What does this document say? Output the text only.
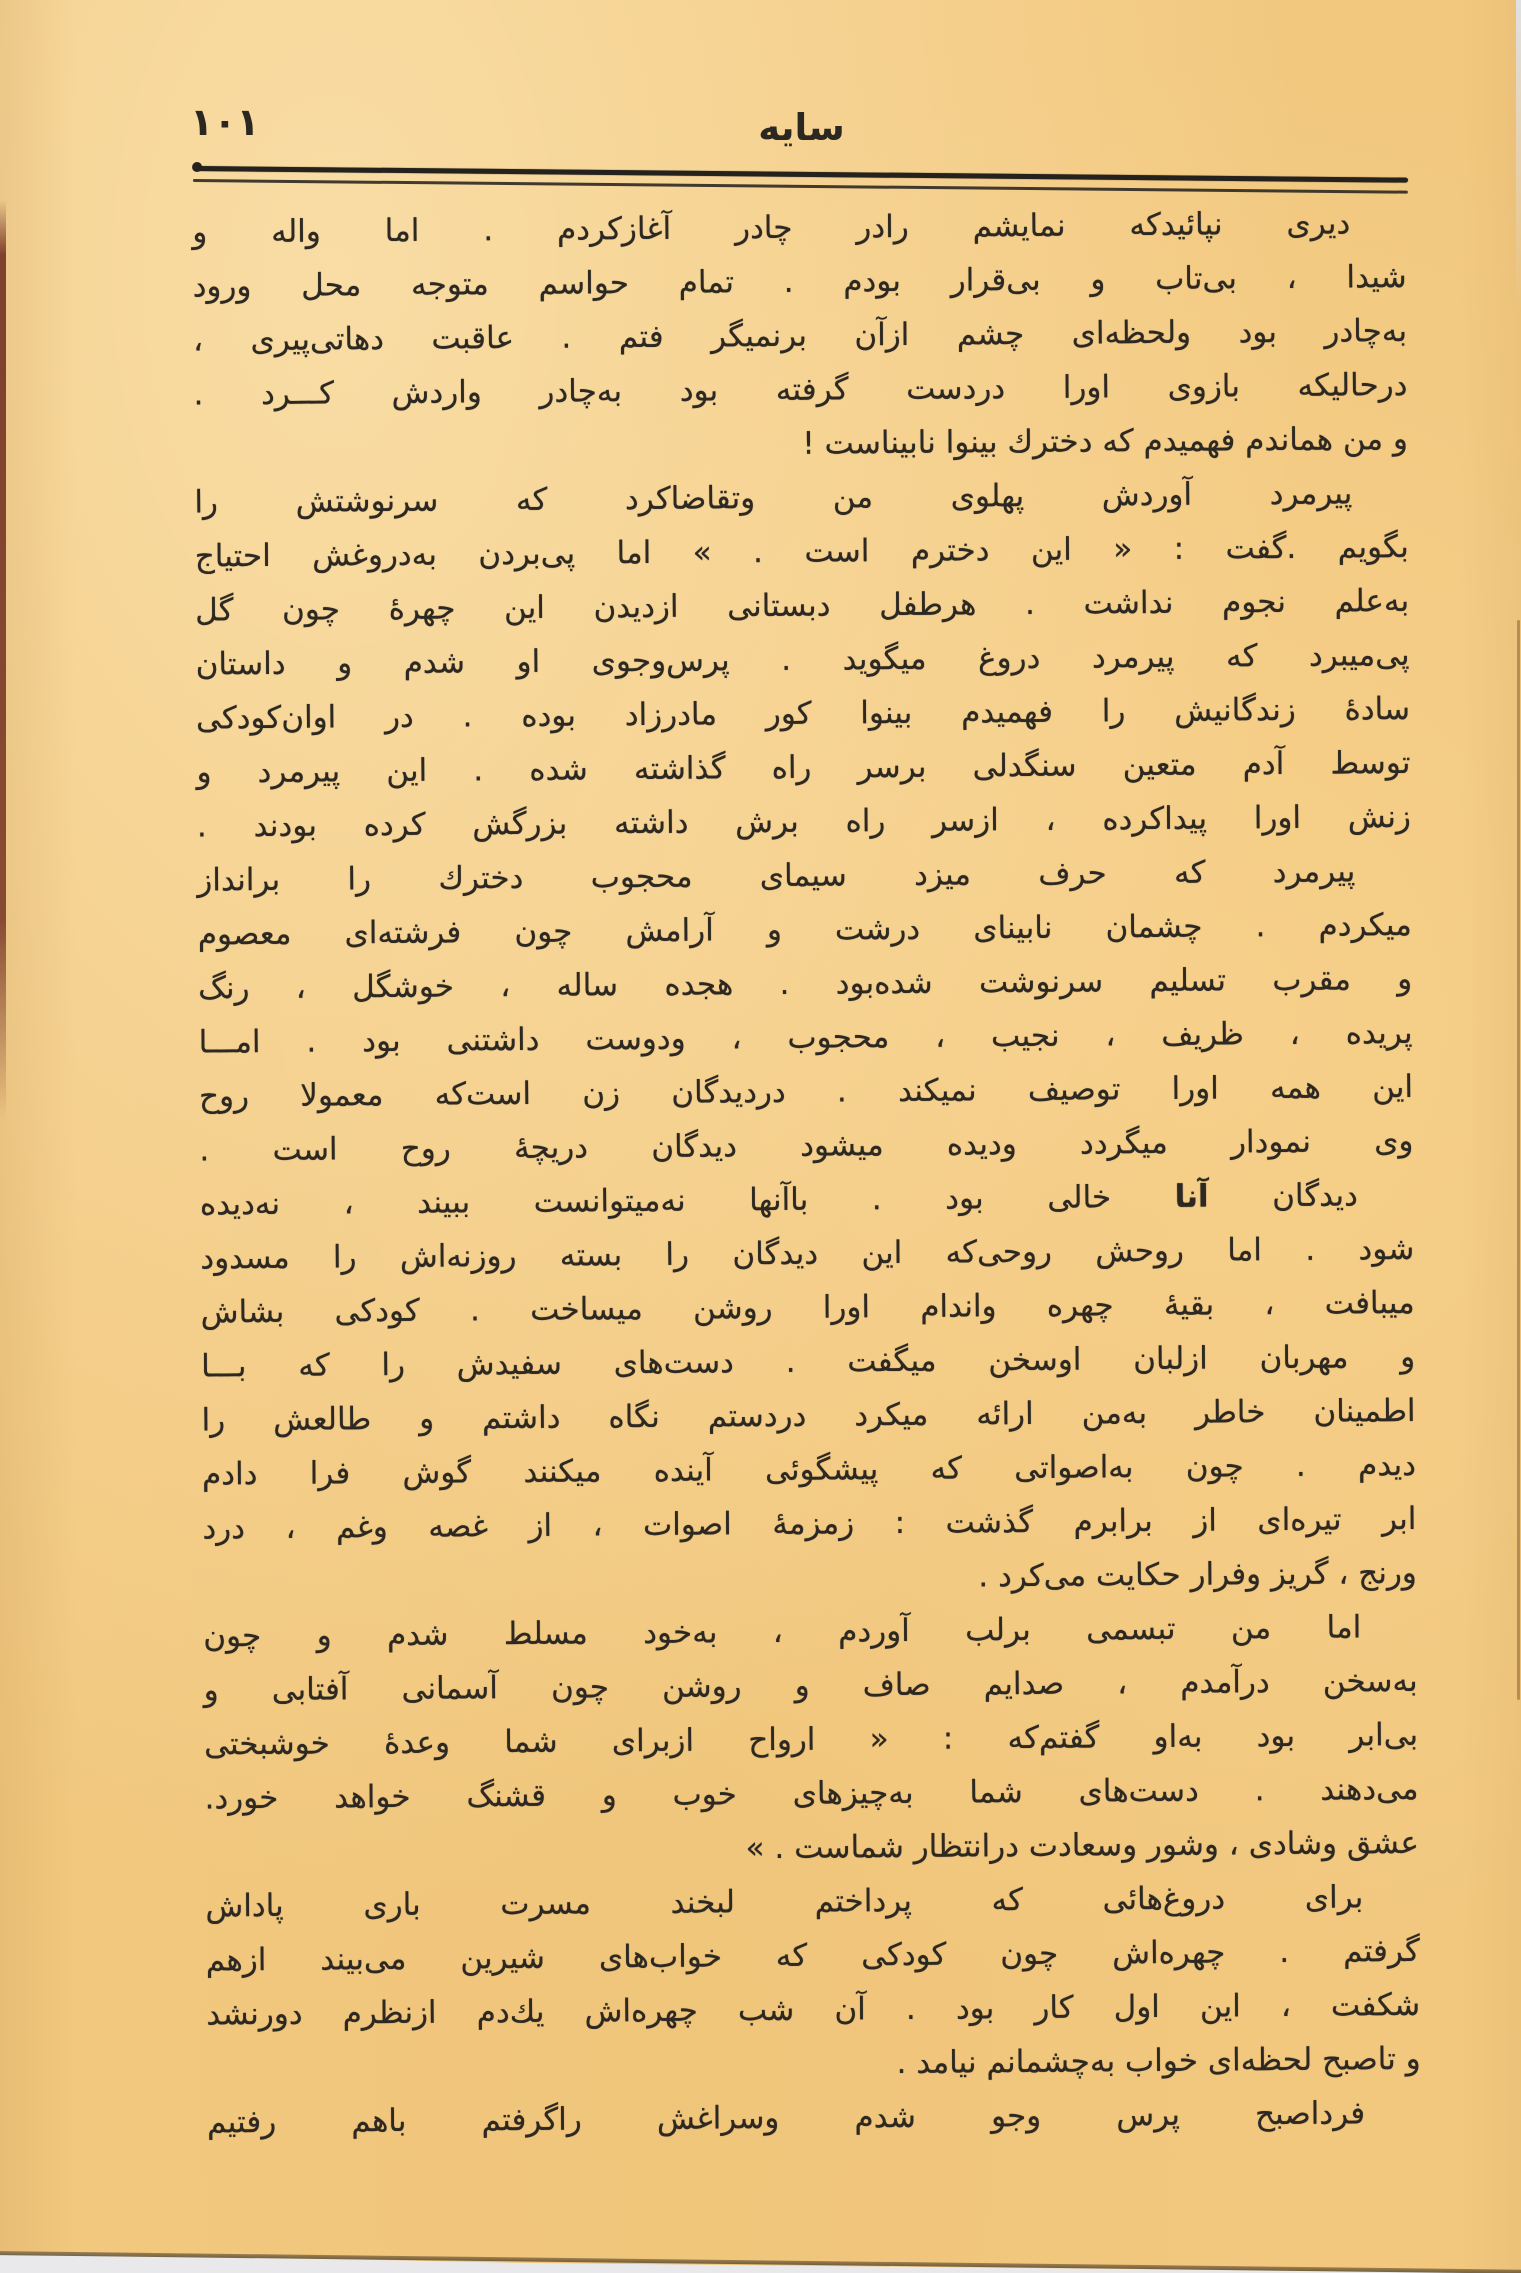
۱۰۱	سایه
دیری نپائیدکه نمایشم رادر چادر آغازکردم . اما واله و
شیدا ، بی‌تاب و بی‌قرار بودم . تمام حواسم متوجه محل ورود
به‌چادر بود ولحظه‌ای چشم ازآن برنمیگر فتم . عاقبت دهاتی‌پیری ،
درحالیکه بازوی اورا دردست گرفته بود به‌چادر واردش کـــرد .
و من هماندم فهمیدم که دخترك بینوا نابیناست !
پیرمرد آوردش پهلوی من وتقاضاکرد که سرنوشتش را
بگویم .گفت : « این دخترم است . » اما پی‌بردن به‌دروغش احتیاج
به‌علم نجوم نداشت . هرطفل دبستانی ازدیدن این چهرهٔ چون گل
پی‌میبرد که پیرمرد دروغ میگوید . پرس‌وجوی او شدم و داستان
سادهٔ زندگانیش را فهمیدم بینوا کور مادرزاد بوده . در اوان‌کودکی
توسط آدم متعین سنگدلی برسر راه گذاشته شده . این پیرمرد و
زنش اورا پیداکرده ، ازسر راه برش داشته بزرگش کرده بودند .
پیرمرد که حرف میزد سیمای محجوب دخترك را برانداز
میکردم . چشمان نابینای درشت و آرامش چون فرشته‌ای معصوم
و مقرب تسلیم سرنوشت شده‌بود . هجده ساله ، خوشگل ، رنگ
پریده ، ظریف ، نجیب ، محجوب ، ودوست داشتنی بود . امـــا
این همه اورا توصیف نمیکند . دردیدگان زن است‌که معمولا روح
وی نمودار میگردد ودیده میشود دیدگان دریچهٔ روح است .
دیدگان آنا خالی بود . باآنها نه‌میتوانست ببیند ، نه‌دیده
شود . اما روحش روحی‌که این دیدگان را بسته روزنه‌اش را مسدود
میبافت ، بقیهٔ چهره واندام اورا روشن میساخت . کودکی بشاش
و مهربان ازلبان اوسخن میگفت . دست‌های سفیدش را که بـــا
اطمینان خاطر به‌من ارائه میکرد دردستم نگاه داشتم و طالعش را
دیدم . چون به‌اصواتی که پیشگوئی آینده میکنند گوش فرا دادم
ابر تیره‌ای از برابرم گذشت : زمزمهٔ اصوات ، از غصه وغم ، درد
ورنج ، گریز وفرار حکایت می‌کرد .
اما من تبسمی برلب آوردم ، به‌خود مسلط شدم و چون
به‌سخن درآمدم ، صدایم صاف و روشن چون آسمانی آفتابی و
بی‌ابر بود به‌او گفتم‌که : « ارواح ازبرای شما وعدهٔ خوشبختی
می‌دهند . دست‌های شما به‌چیزهای خوب و قشنگ خواهد خورد.
عشق وشادی ، وشور وسعادت درانتظار شماست . »
برای دروغ‌هائی که پرداختم لبخند مسرت باری پاداش
گرفتم . چهره‌اش چون کودکی که خواب‌های شیرین می‌بیند ازهم
شکفت ، این اول کار بود . آن شب چهره‌اش یك‌دم ازنظرم دورنشد
و تاصبح لحظه‌ای خواب به‌چشمانم نیامد .
فرداصبح پرس وجو شدم وسراغش راگرفتم باهم رفتیم
